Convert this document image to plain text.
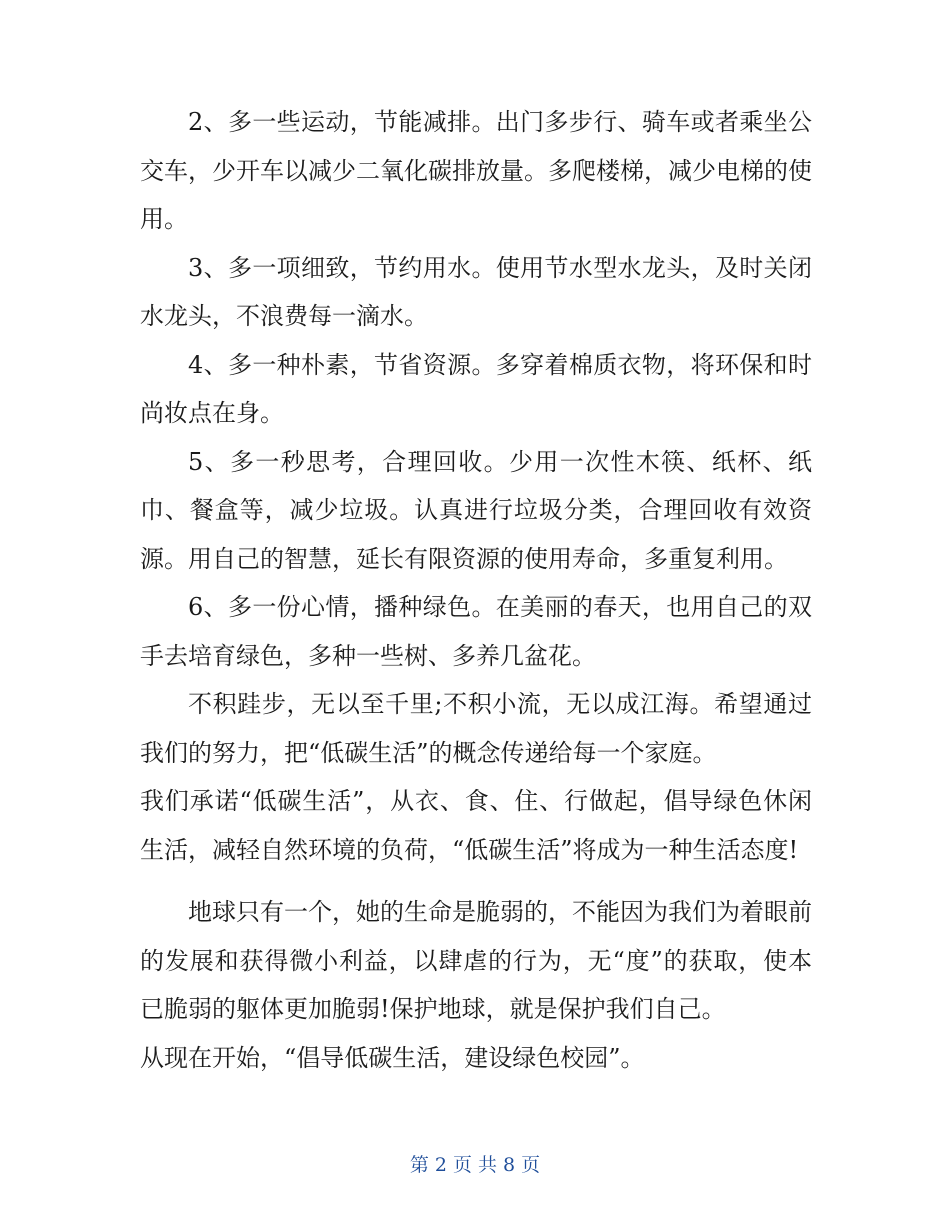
2、多一些运动，节能减排。出门多步行、骑车或者乘坐公交车，少开车以减少二氧化碳排放量。多爬楼梯，减少电梯的使用。

3、多一项细致，节约用水。使用节水型水龙头，及时关闭水龙头，不浪费每一滴水。

4、多一种朴素，节省资源。多穿着棉质衣物，将环保和时尚妆点在身。

5、多一秒思考，合理回收。少用一次性木筷、纸杯、纸巾、餐盒等，减少垃圾。认真进行垃圾分类，合理回收有效资源。用自己的智慧，延长有限资源的使用寿命，多重复利用。

6、多一份心情，播种绿色。在美丽的春天，也用自己的双手去培育绿色，多种一些树、多养几盆花。

不积跬步，无以至千里;不积小流，无以成江海。希望通过我们的努力，把“低碳生活”的概念传递给每一个家庭。

我们承诺“低碳生活”，从衣、食、住、行做起，倡导绿色休闲生活，减轻自然环境的负荷，“低碳生活”将成为一种生活态度!

地球只有一个，她的生命是脆弱的，不能因为我们为着眼前的发展和获得微小利益，以肆虐的行为，无“度”的获取，使本已脆弱的躯体更加脆弱!保护地球，就是保护我们自己。

从现在开始，“倡导低碳生活，建设绿色校园”。

第 2 页 共 8 页
